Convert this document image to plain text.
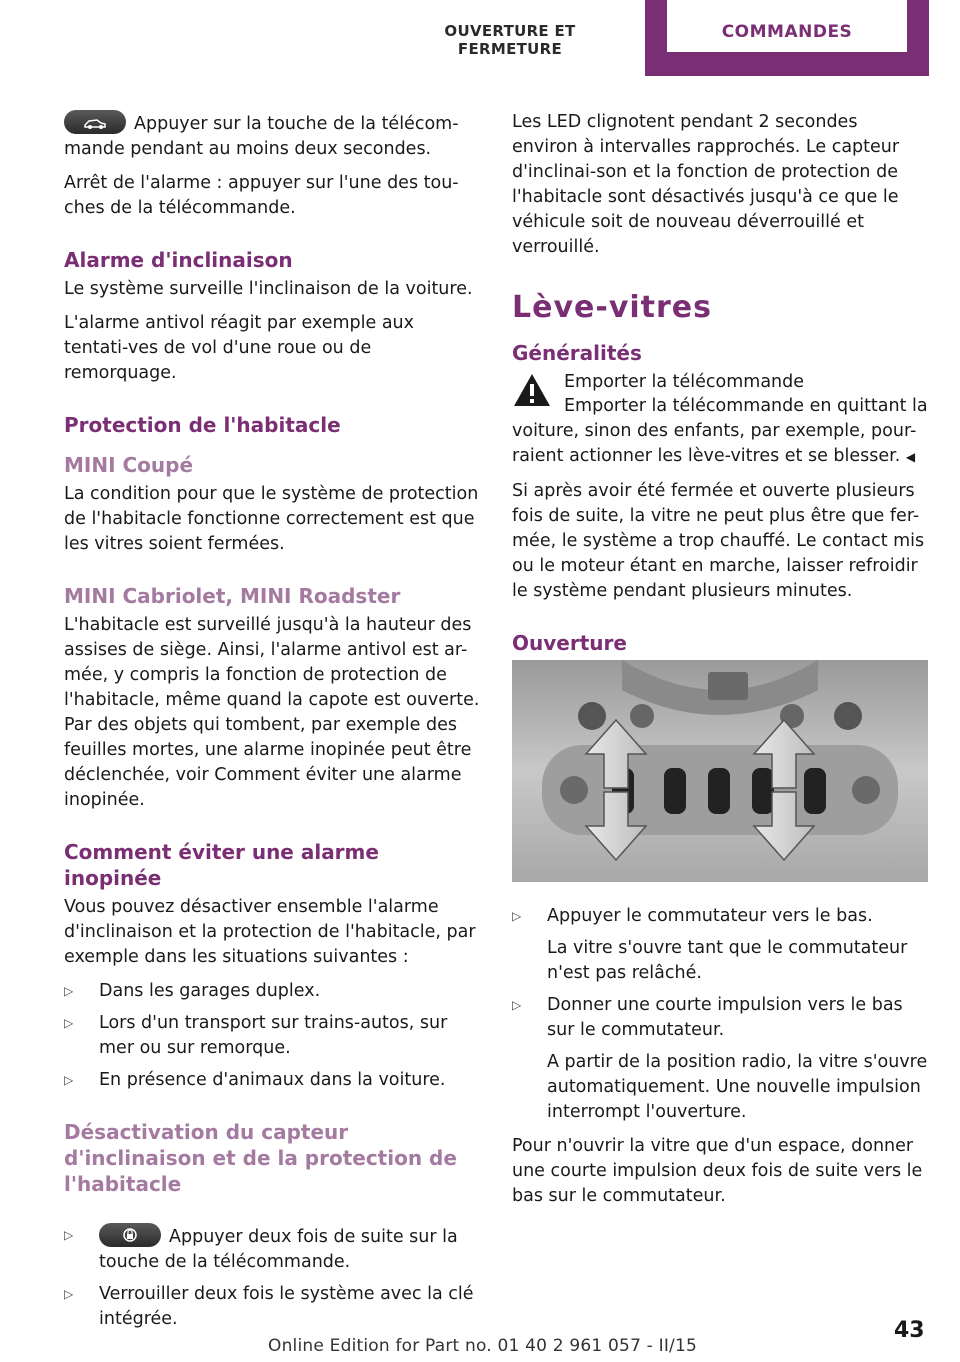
OUVERTURE ET FERMETURE
COMMANDES

Appuyer sur la touche de la télécom-mande pendant au moins deux secondes.

Arrêt de l'alarme : appuyer sur l'une des tou-ches de la télécommande.

Alarme d'inclinaison

Le système surveille l'inclinaison de la voiture.

L'alarme antivol réagit par exemple aux tentati-ves de vol d'une roue ou de remorquage.

Protection de l'habitacle
MINI Coupé

La condition pour que le système de protection de l'habitacle fonctionne correctement est que les vitres soient fermées.

MINI Cabriolet, MINI Roadster

L'habitacle est surveillé jusqu'à la hauteur des assises de siège. Ainsi, l'alarme antivol est ar-mée, y compris la fonction de protection de l'habitacle, même quand la capote est ouverte. Par des objets qui tombent, par exemple des feuilles mortes, une alarme inopinée peut être déclenchée, voir Comment éviter une alarme inopinée.

Comment éviter une alarme inopinée

Vous pouvez désactiver ensemble l'alarme d'inclinaison et la protection de l'habitacle, par exemple dans les situations suivantes :

▷ Dans les garages duplex.
▷ Lors d'un transport sur trains-autos, sur mer ou sur remorque.
▷ En présence d'animaux dans la voiture.
Désactivation du capteur d'inclinaison et de la protection de l'habitacle
▷	Appuyer deux fois de suite sur la touche de la télécommande.
▷ Verrouiller deux fois le système avec la clé intégrée.

Les LED clignotent pendant 2 secondes environ à intervalles rapprochés. Le capteur d'inclinai-son et la fonction de protection de l'habitacle sont désactivés jusqu'à ce que le véhicule soit de nouveau déverrouillé et verrouillé.

Lève-vitres
Généralités
Emporter la télécommande

Emporter la télécommande en quittant la voiture, sinon des enfants, par exemple, pour-raient actionner les lève-vitres et se blesser. ◀

Si après avoir été fermée et ouverte plusieurs fois de suite, la vitre ne peut plus être que fer-mée, le système a trop chauffé. Le contact mis ou le moteur étant en marche, laisser refroidir le système pendant plusieurs minutes.

Ouverture
▷ Appuyer le commutateur vers le bas.
La vitre s'ouvre tant que le commutateur n'est pas relâché.
▷ Donner une courte impulsion vers le bas sur le commutateur.
A partir de la position radio, la vitre s'ouvre automatiquement. Une nouvelle impulsion interrompt l'ouverture.

Pour n'ouvrir la vitre que d'un espace, donner une courte impulsion deux fois de suite vers le bas sur le commutateur.

43
Online Edition for Part no. 01 40 2 961 057 - II/15
